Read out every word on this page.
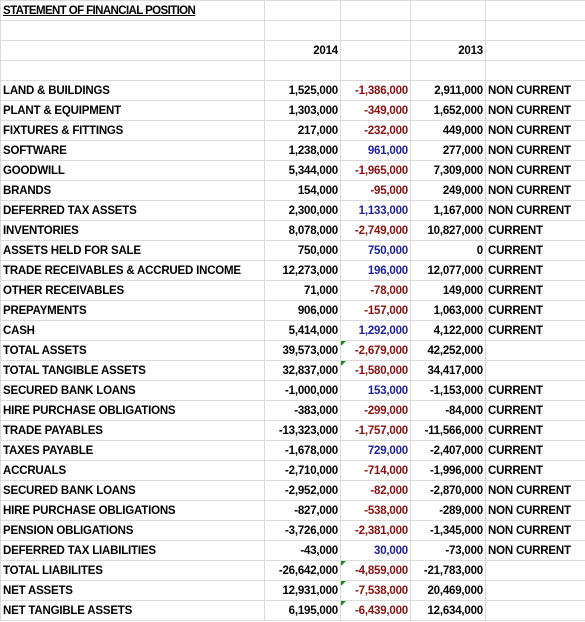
STATEMENT OF FINANCIAL POSITION				

	2014		2013	

LAND & BUILDINGS	1,525,000	-1,386,000	2,911,000	NON CURRENT
PLANT & EQUIPMENT	1,303,000	-349,000	1,652,000	NON CURRENT
FIXTURES & FITTINGS	217,000	-232,000	449,000	NON CURRENT
SOFTWARE	1,238,000	961,000	277,000	NON CURRENT
GOODWILL	5,344,000	-1,965,000	7,309,000	NON CURRENT
BRANDS	154,000	-95,000	249,000	NON CURRENT
DEFERRED TAX ASSETS	2,300,000	1,133,000	1,167,000	NON CURRENT
INVENTORIES	8,078,000	-2,749,000	10,827,000	CURRENT
ASSETS HELD FOR SALE	750,000	750,000	0	CURRENT
TRADE RECEIVABLES & ACCRUED INCOME	12,273,000	196,000	12,077,000	CURRENT
OTHER RECEIVABLES	71,000	-78,000	149,000	CURRENT
PREPAYMENTS	906,000	-157,000	1,063,000	CURRENT
CASH	5,414,000	1,292,000	4,122,000	CURRENT
TOTAL ASSETS	39,573,000	-2,679,000	42,252,000	
TOTAL TANGIBLE ASSETS	32,837,000	-1,580,000	34,417,000	
SECURED BANK LOANS	-1,000,000	153,000	-1,153,000	CURRENT
HIRE PURCHASE OBLIGATIONS	-383,000	-299,000	-84,000	CURRENT
TRADE PAYABLES	-13,323,000	-1,757,000	-11,566,000	CURRENT
TAXES PAYABLE	-1,678,000	729,000	-2,407,000	CURRENT
ACCRUALS	-2,710,000	-714,000	-1,996,000	CURRENT
SECURED BANK LOANS	-2,952,000	-82,000	-2,870,000	NON CURRENT
HIRE PURCHASE OBLIGATIONS	-827,000	-538,000	-289,000	NON CURRENT
PENSION OBLIGATIONS	-3,726,000	-2,381,000	-1,345,000	NON CURRENT
DEFERRED TAX LIABILITIES	-43,000	30,000	-73,000	NON CURRENT
TOTAL LIABILITES	-26,642,000	-4,859,000	-21,783,000	
NET ASSETS	12,931,000	-7,538,000	20,469,000	
NET TANGIBLE ASSETS	6,195,000	-6,439,000	12,634,000	
